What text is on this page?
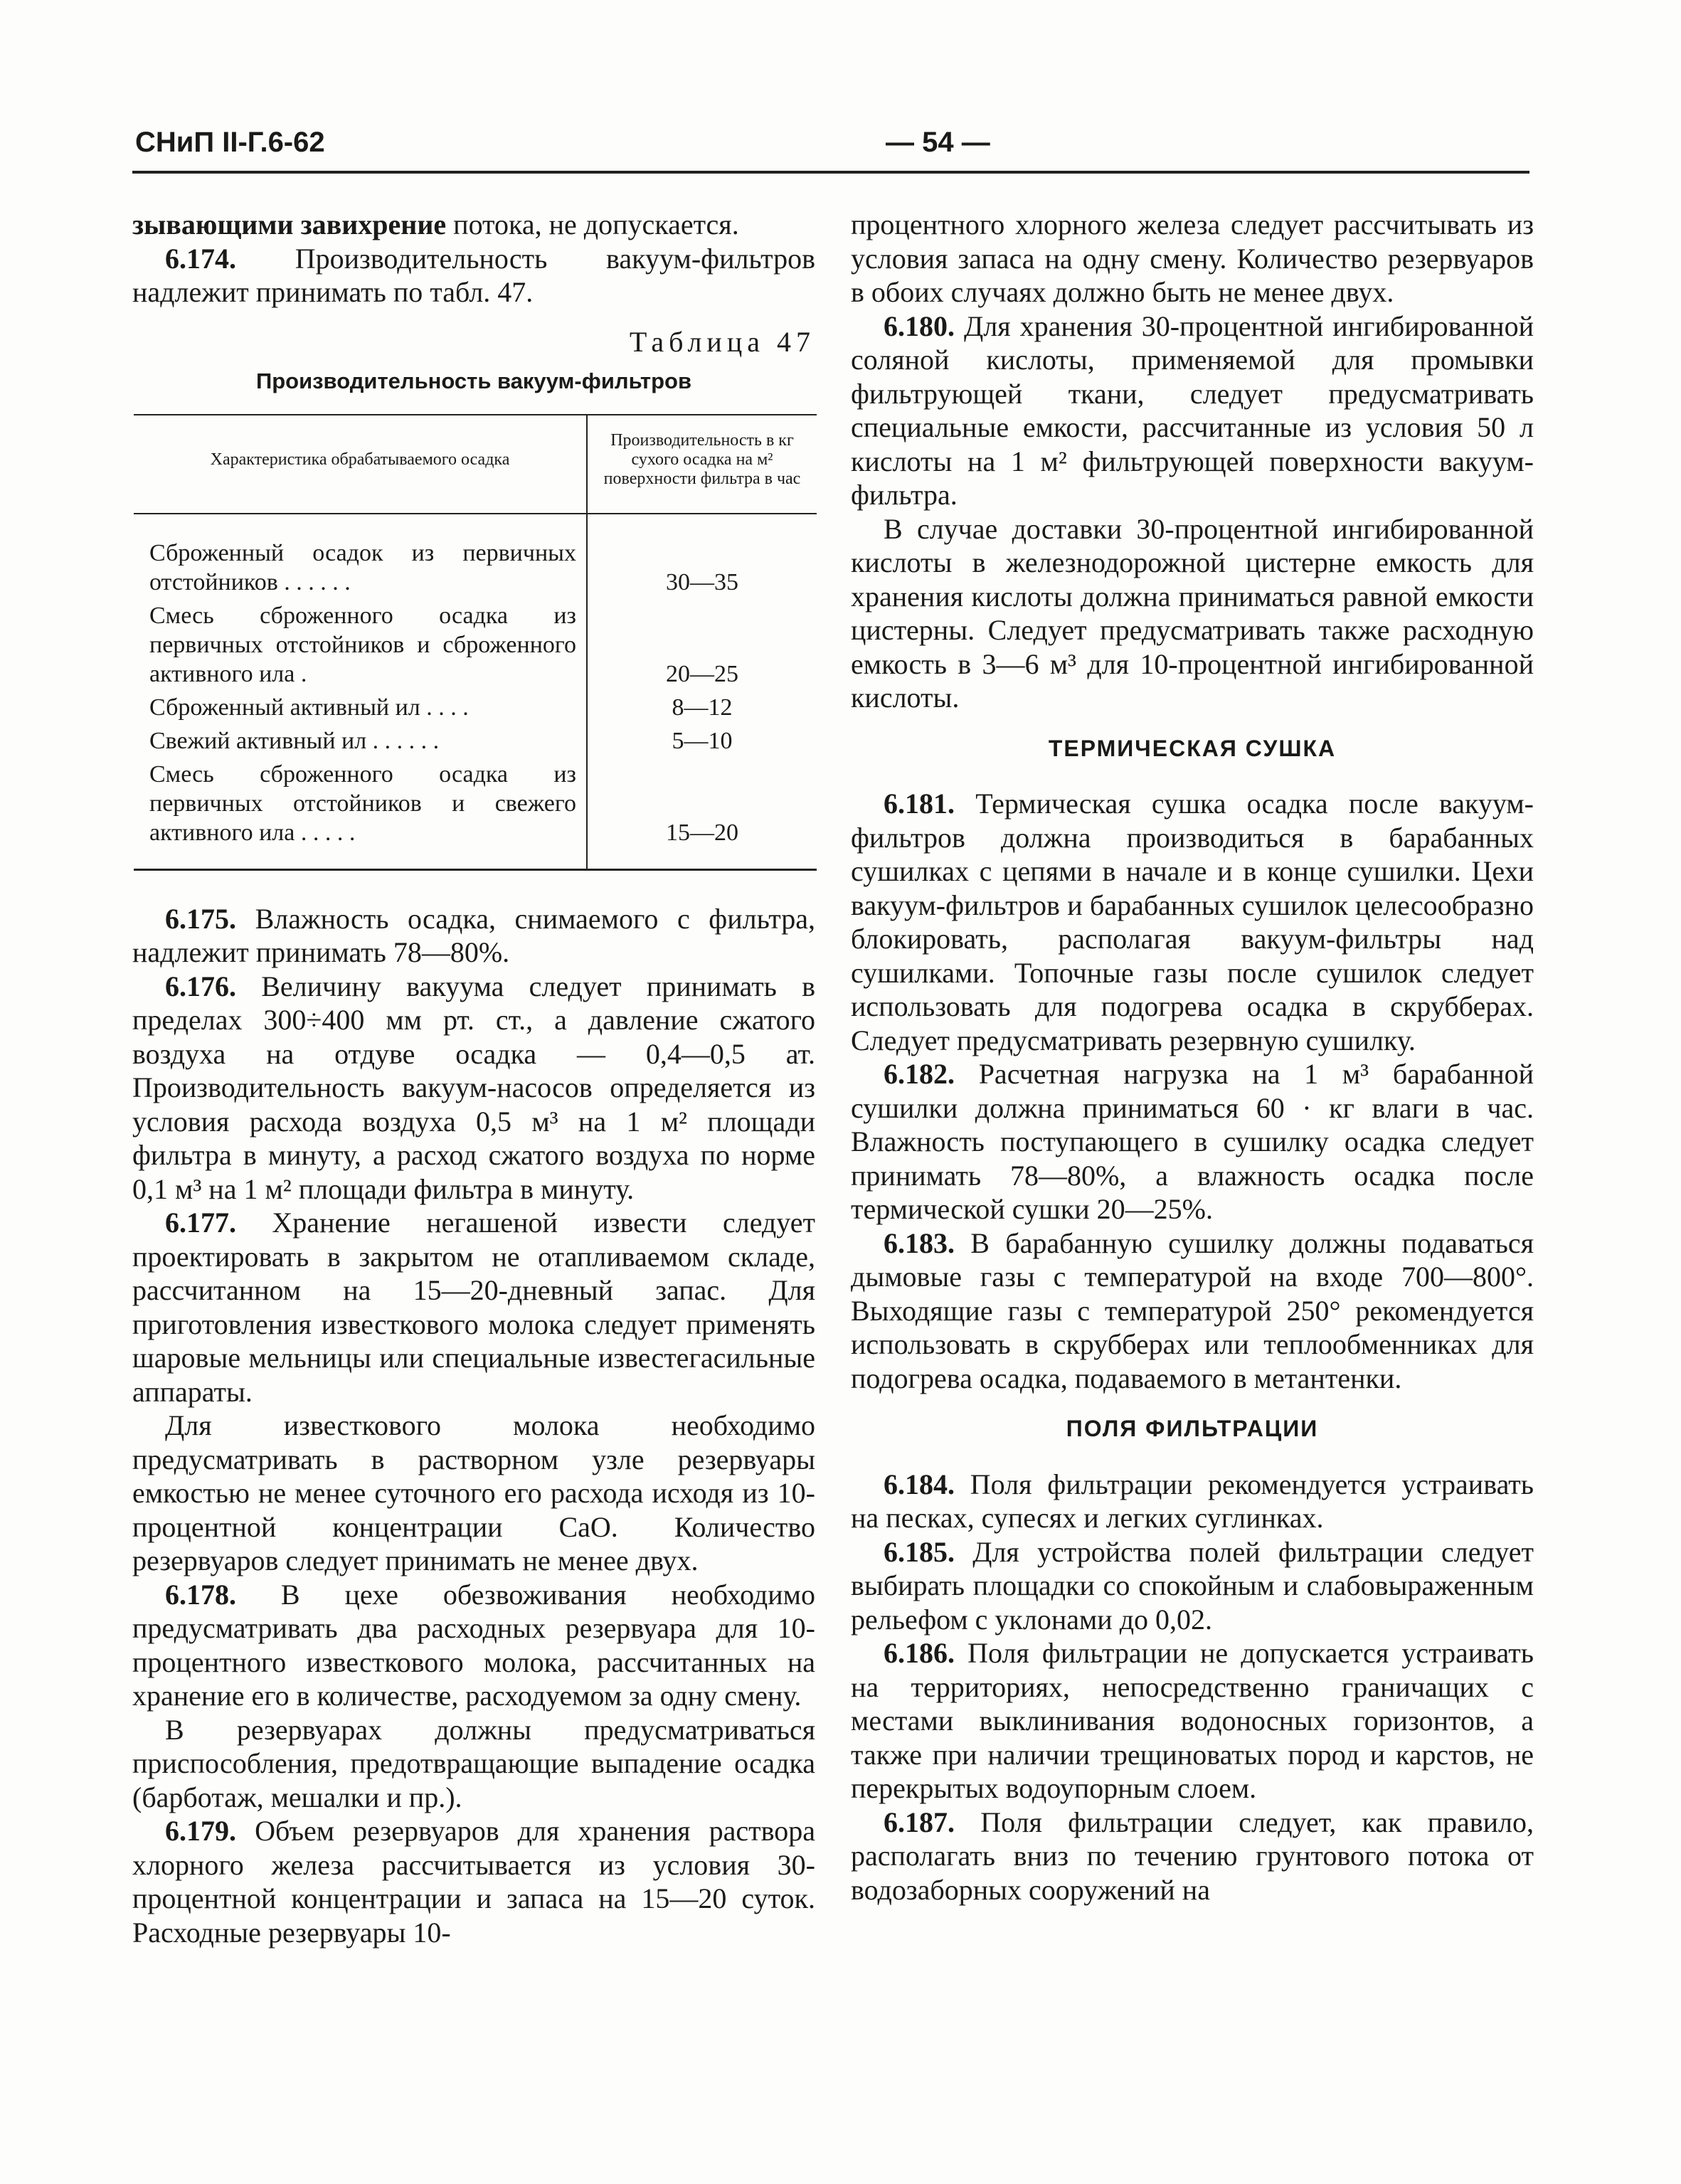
СНиП II-Г.6-62	— 54 —

зывающими завихрение потока, не допускается.

6.174. Производительность вакуум-фильтров надлежит принимать по табл. 47.

Таблица 47
Производительность вакуум-фильтров
Характеристика обрабатываемого осадка	Производительность в кг сухого осадка на м² поверхности фильтра в час
Сброженный осадок из первичных отстойников . . . . . .	30—35
Смесь сброженного осадка из первичных отстойников и сброженного активного ила .	20—25
Сброженный активный ил . . . .	8—12
Свежий активный ил . . . . . .	5—10
Смесь сброженного осадка из первичных отстойников и свежего активного ила . . . . .	15—20

6.175. Влажность осадка, снимаемого с фильтра, надлежит принимать 78—80%.

6.176. Величину вакуума следует принимать в пределах 300÷400 мм рт. ст., а давление сжатого воздуха на отдуве осадка — 0,4—0,5 ат. Производительность вакуум-насосов определяется из условия расхода воздуха 0,5 м³ на 1 м² площади фильтра в минуту, а расход сжатого воздуха по норме 0,1 м³ на 1 м² площади фильтра в минуту.

6.177. Хранение негашеной извести следует проектировать в закрытом не отапливаемом складе, рассчитанном на 15—20-дневный запас. Для приготовления известкового молока следует применять шаровые мельницы или специальные известегасильные аппараты.

Для известкового молока необходимо предусматривать в растворном узле резервуары емкостью не менее суточного его расхода исходя из 10-процентной концентрации CaO. Количество резервуаров следует принимать не менее двух.

6.178. В цехе обезвоживания необходимо предусматривать два расходных резервуара для 10-процентного известкового молока, рассчитанных на хранение его в количестве, расходуемом за одну смену.

В резервуарах должны предусматриваться приспособления, предотвращающие выпадение осадка (барботаж, мешалки и пр.).

6.179. Объем резервуаров для хранения раствора хлорного железа рассчитывается из условия 30-процентной концентрации и запаса на 15—20 суток. Расходные резервуары 10-

процентного хлорного железа следует рассчитывать из условия запаса на одну смену. Количество резервуаров в обоих случаях должно быть не менее двух.

6.180. Для хранения 30-процентной ингибированной соляной кислоты, применяемой для промывки фильтрующей ткани, следует предусматривать специальные емкости, рассчитанные из условия 50 л кислоты на 1 м² фильтрующей поверхности вакуум-фильтра.

В случае доставки 30-процентной ингибированной кислоты в железнодорожной цистерне емкость для хранения кислоты должна приниматься равной емкости цистерны. Следует предусматривать также расходную емкость в 3—6 м³ для 10-процентной ингибированной кислоты.

ТЕРМИЧЕСКАЯ СУШКА

6.181. Термическая сушка осадка после вакуум-фильтров должна производиться в барабанных сушилках с цепями в начале и в конце сушилки. Цехи вакуум-фильтров и барабанных сушилок целесообразно блокировать, располагая вакуум-фильтры над сушилками. Топочные газы после сушилок следует использовать для подогрева осадка в скрубберах. Следует предусматривать резервную сушилку.

6.182. Расчетная нагрузка на 1 м³ барабанной сушилки должна приниматься 60 · кг влаги в час. Влажность поступающего в сушилку осадка следует принимать 78—80%, а влажность осадка после термической сушки 20—25%.

6.183. В барабанную сушилку должны подаваться дымовые газы с температурой на входе 700—800°. Выходящие газы с температурой 250° рекомендуется использовать в скрубберах или теплообменниках для подогрева осадка, подаваемого в метантенки.

ПОЛЯ ФИЛЬТРАЦИИ

6.184. Поля фильтрации рекомендуется устраивать на песках, супесях и легких суглинках.

6.185. Для устройства полей фильтрации следует выбирать площадки со спокойным и слабовыраженным рельефом с уклонами до 0,02.

6.186. Поля фильтрации не допускается устраивать на территориях, непосредственно граничащих с местами выклинивания водоносных горизонтов, а также при наличии трещиноватых пород и карстов, не перекрытых водоупорным слоем.

6.187. Поля фильтрации следует, как правило, располагать вниз по течению грунтового потока от водозаборных сооружений на
